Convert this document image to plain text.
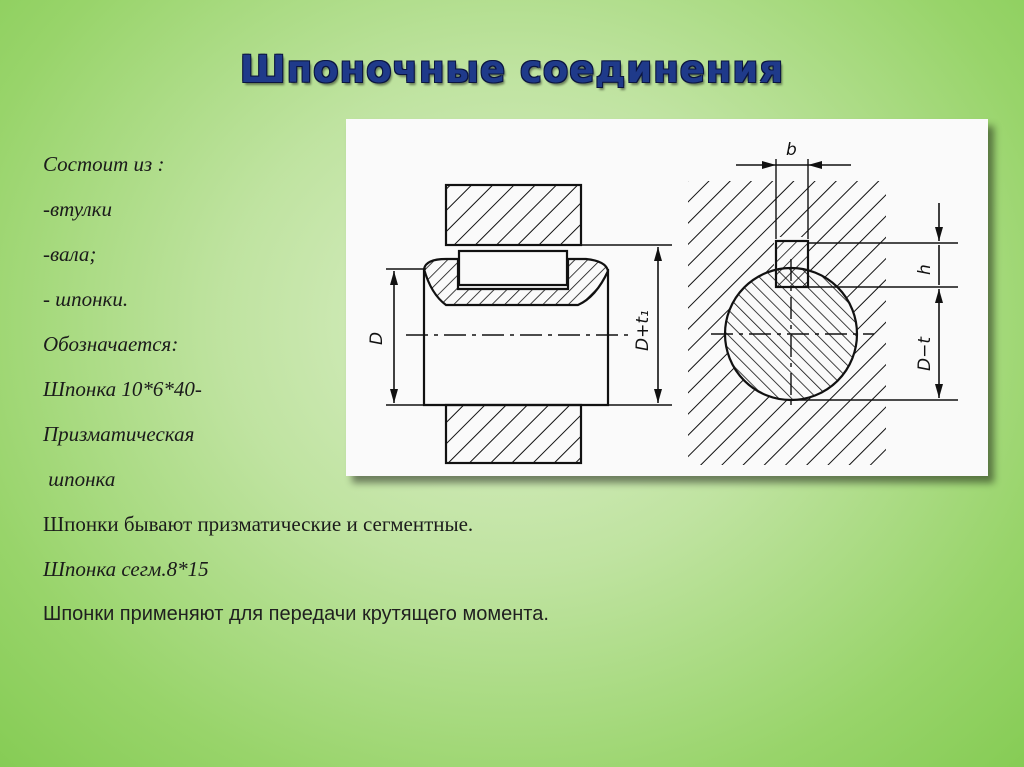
Шпоночные соединения
Состоит из :
-втулки
-вала;
- шпонки.
Обозначается:
Шпонка 10*6*40-
Призматическая
шпонка
Шпонки бывают призматические и сегментные.
Шпонка сегм.8*15
Шпонки применяют для передачи крутящего момента.
D	D+t₁
b
h
D−t
